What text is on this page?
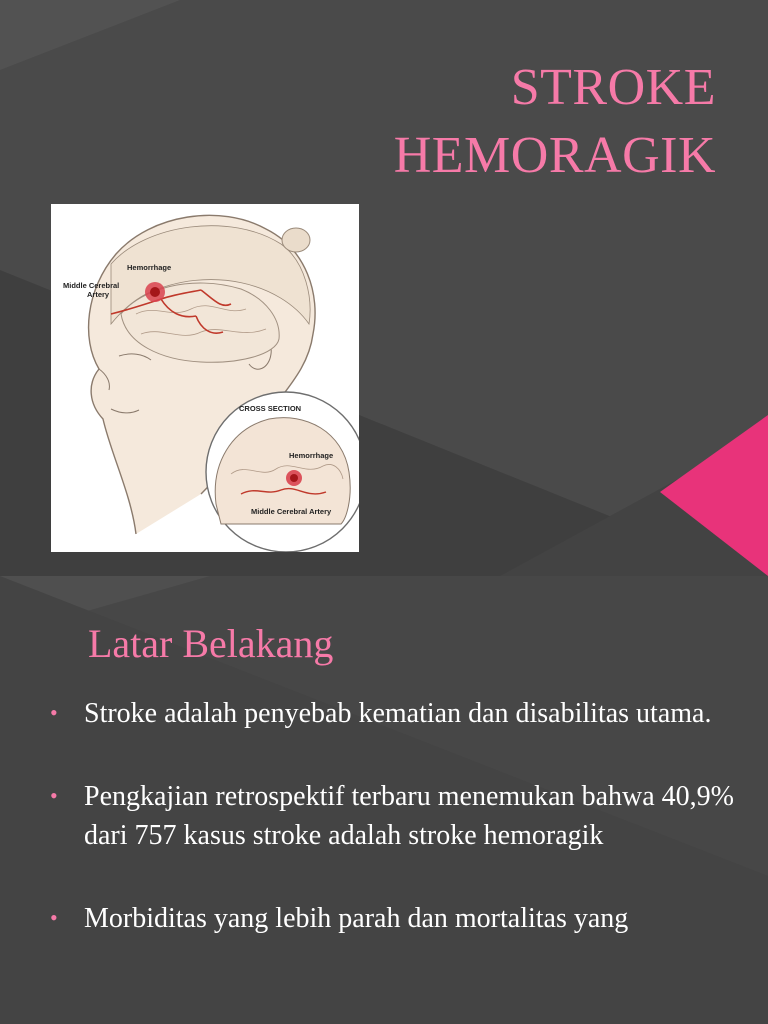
STROKE
HEMORAGIK
Hemorrhage
Middle Cerebral
Artery
CROSS SECTION
Hemorrhage
Middle Cerebral Artery
Latar Belakang
• Stroke adalah penyebab kematian dan disabilitas utama.
• Pengkajian retrospektif terbaru menemukan bahwa 40,9% dari 757 kasus stroke adalah stroke hemoragik
• Morbiditas yang lebih parah dan mortalitas yang
